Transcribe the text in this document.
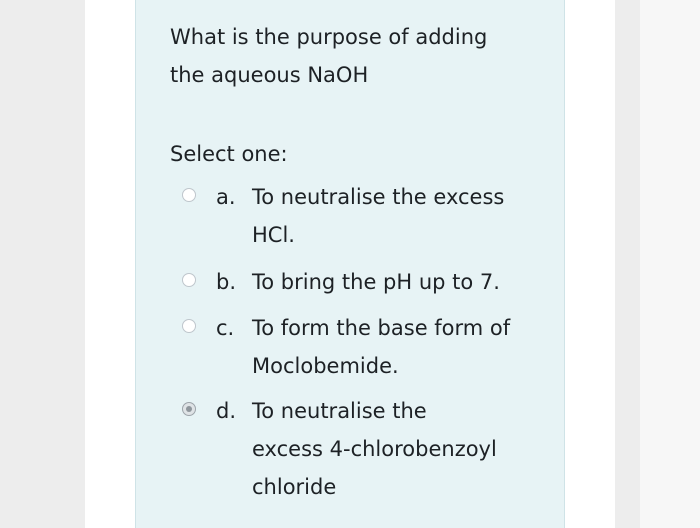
What is the purpose of adding
the aqueous NaOH

Select one:

a. To neutralise the excess
HCl.
b. To bring the pH up to 7.
c. To form the base form of
Moclobemide.
d. To neutralise the
excess 4-chlorobenzoyl
chloride
